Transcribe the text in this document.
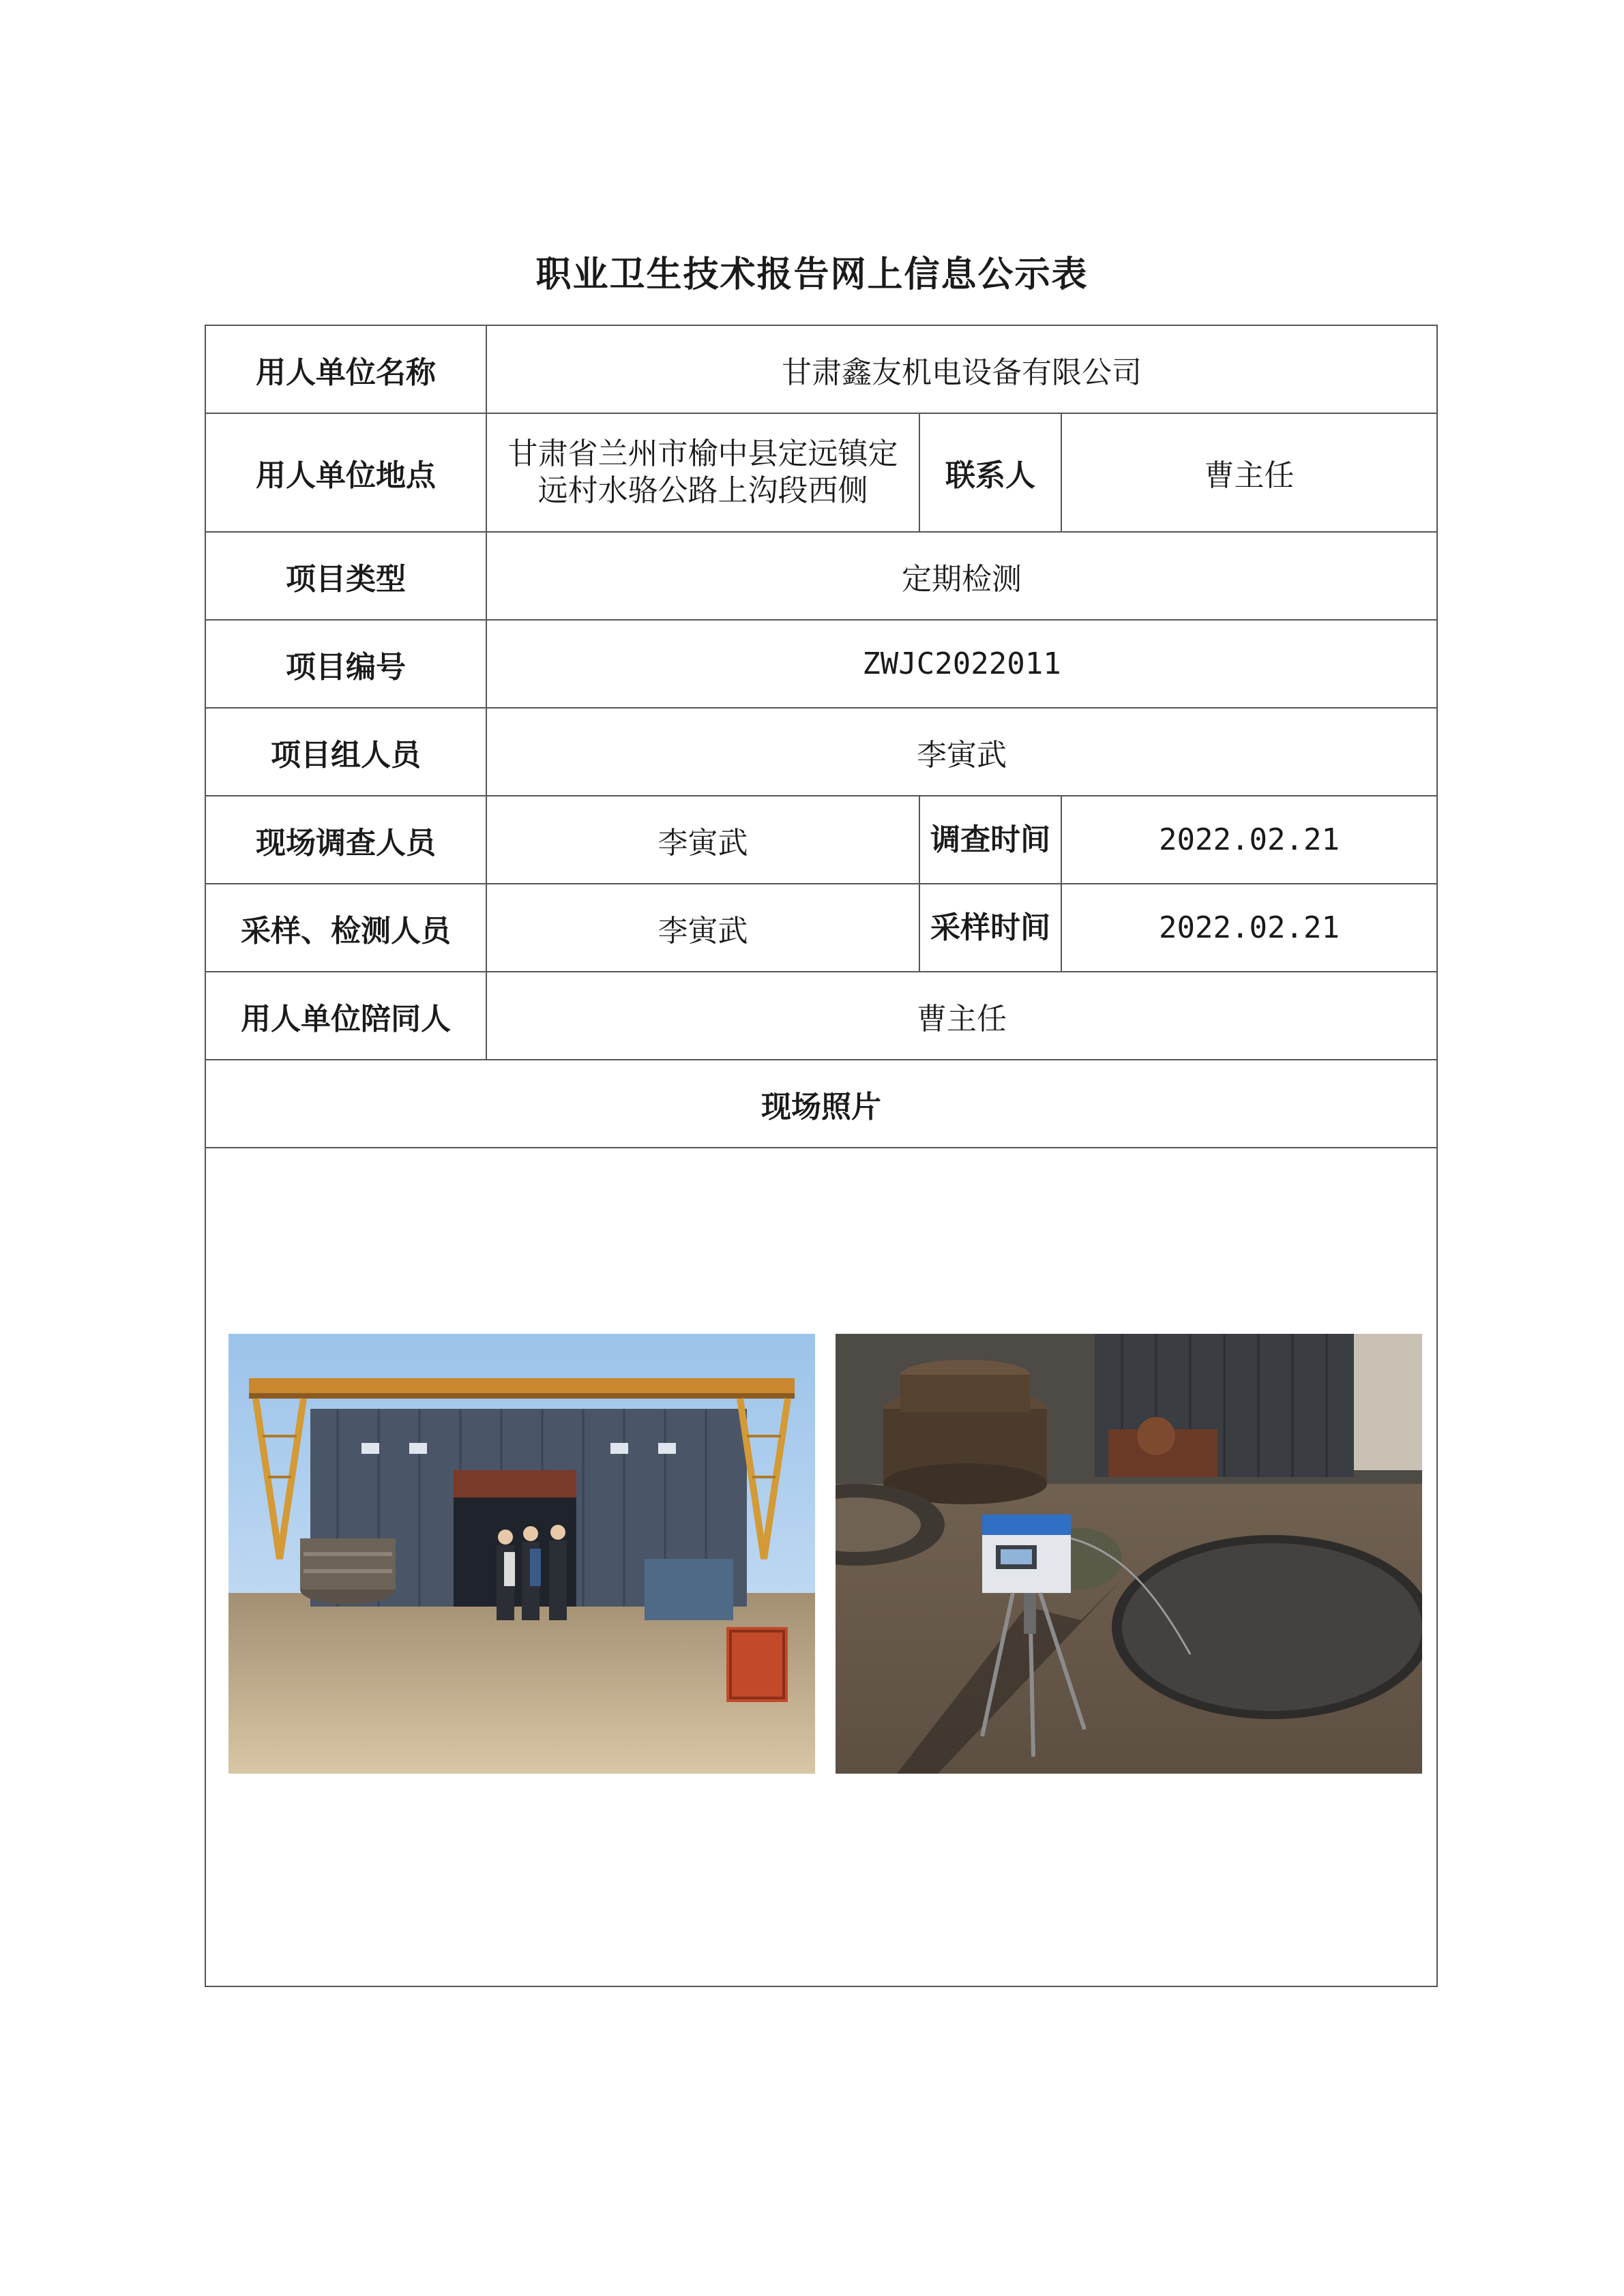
职业卫生技术报告网上信息公示表
用人单位名称	甘肃鑫友机电设备有限公司		
用人单位地点	甘肃省兰州市榆中县定远镇定远村水骆公路上沟段西侧	联系人	曹主任
项目类型	定期检测		
项目编号	ZWJC2022011		
项目组人员	李寅武		
现场调查人员	李寅武	调查时间	2022.02.21
采样、检测人员	李寅武	采样时间	2022.02.21
用人单位陪同人	曹主任		
现场照片			
